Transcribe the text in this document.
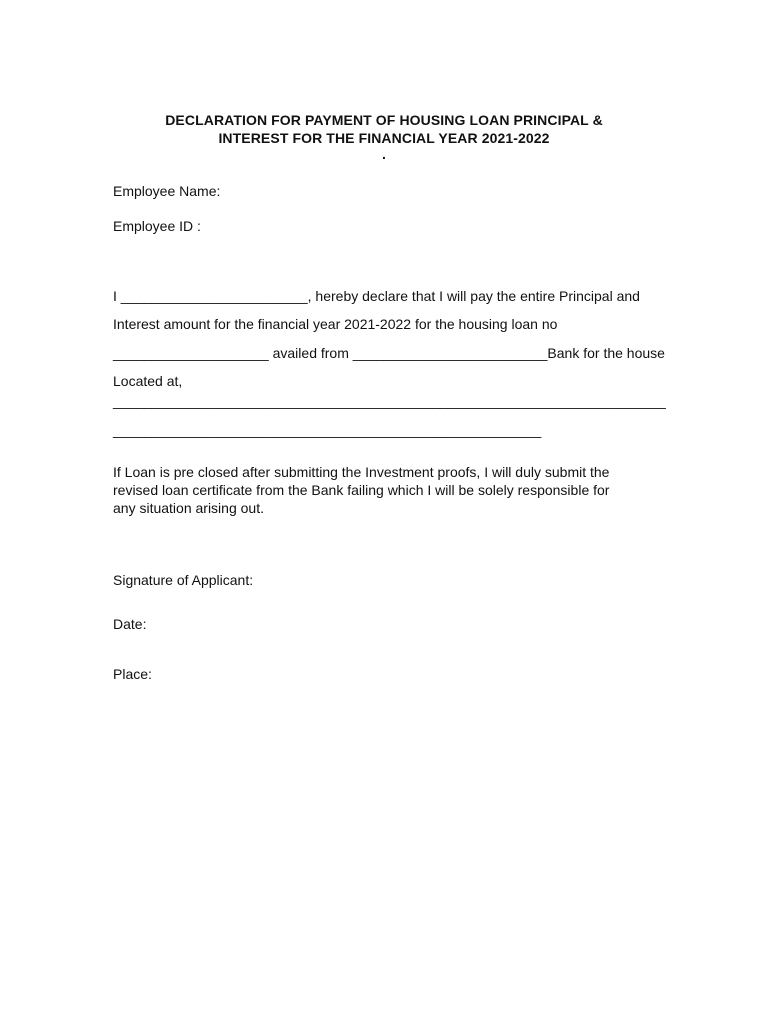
DECLARATION FOR PAYMENT OF HOUSING LOAN PRINCIPAL &
INTEREST FOR THE FINANCIAL YEAR 2021-2022
.
Employee Name:
Employee ID :
I ________________________, hereby declare that I will pay the entire Principal and
Interest amount for the financial year 2021-2022 for the housing loan no
____________________ availed from _________________________Bank for the house
Located at,
_______________________________________________________________________
_______________________________________________________
If Loan is pre closed after submitting the Investment proofs, I will duly submit the
revised loan certificate from the Bank failing which I will be solely responsible for
any situation arising out.
Signature of Applicant:
Date:
Place:
